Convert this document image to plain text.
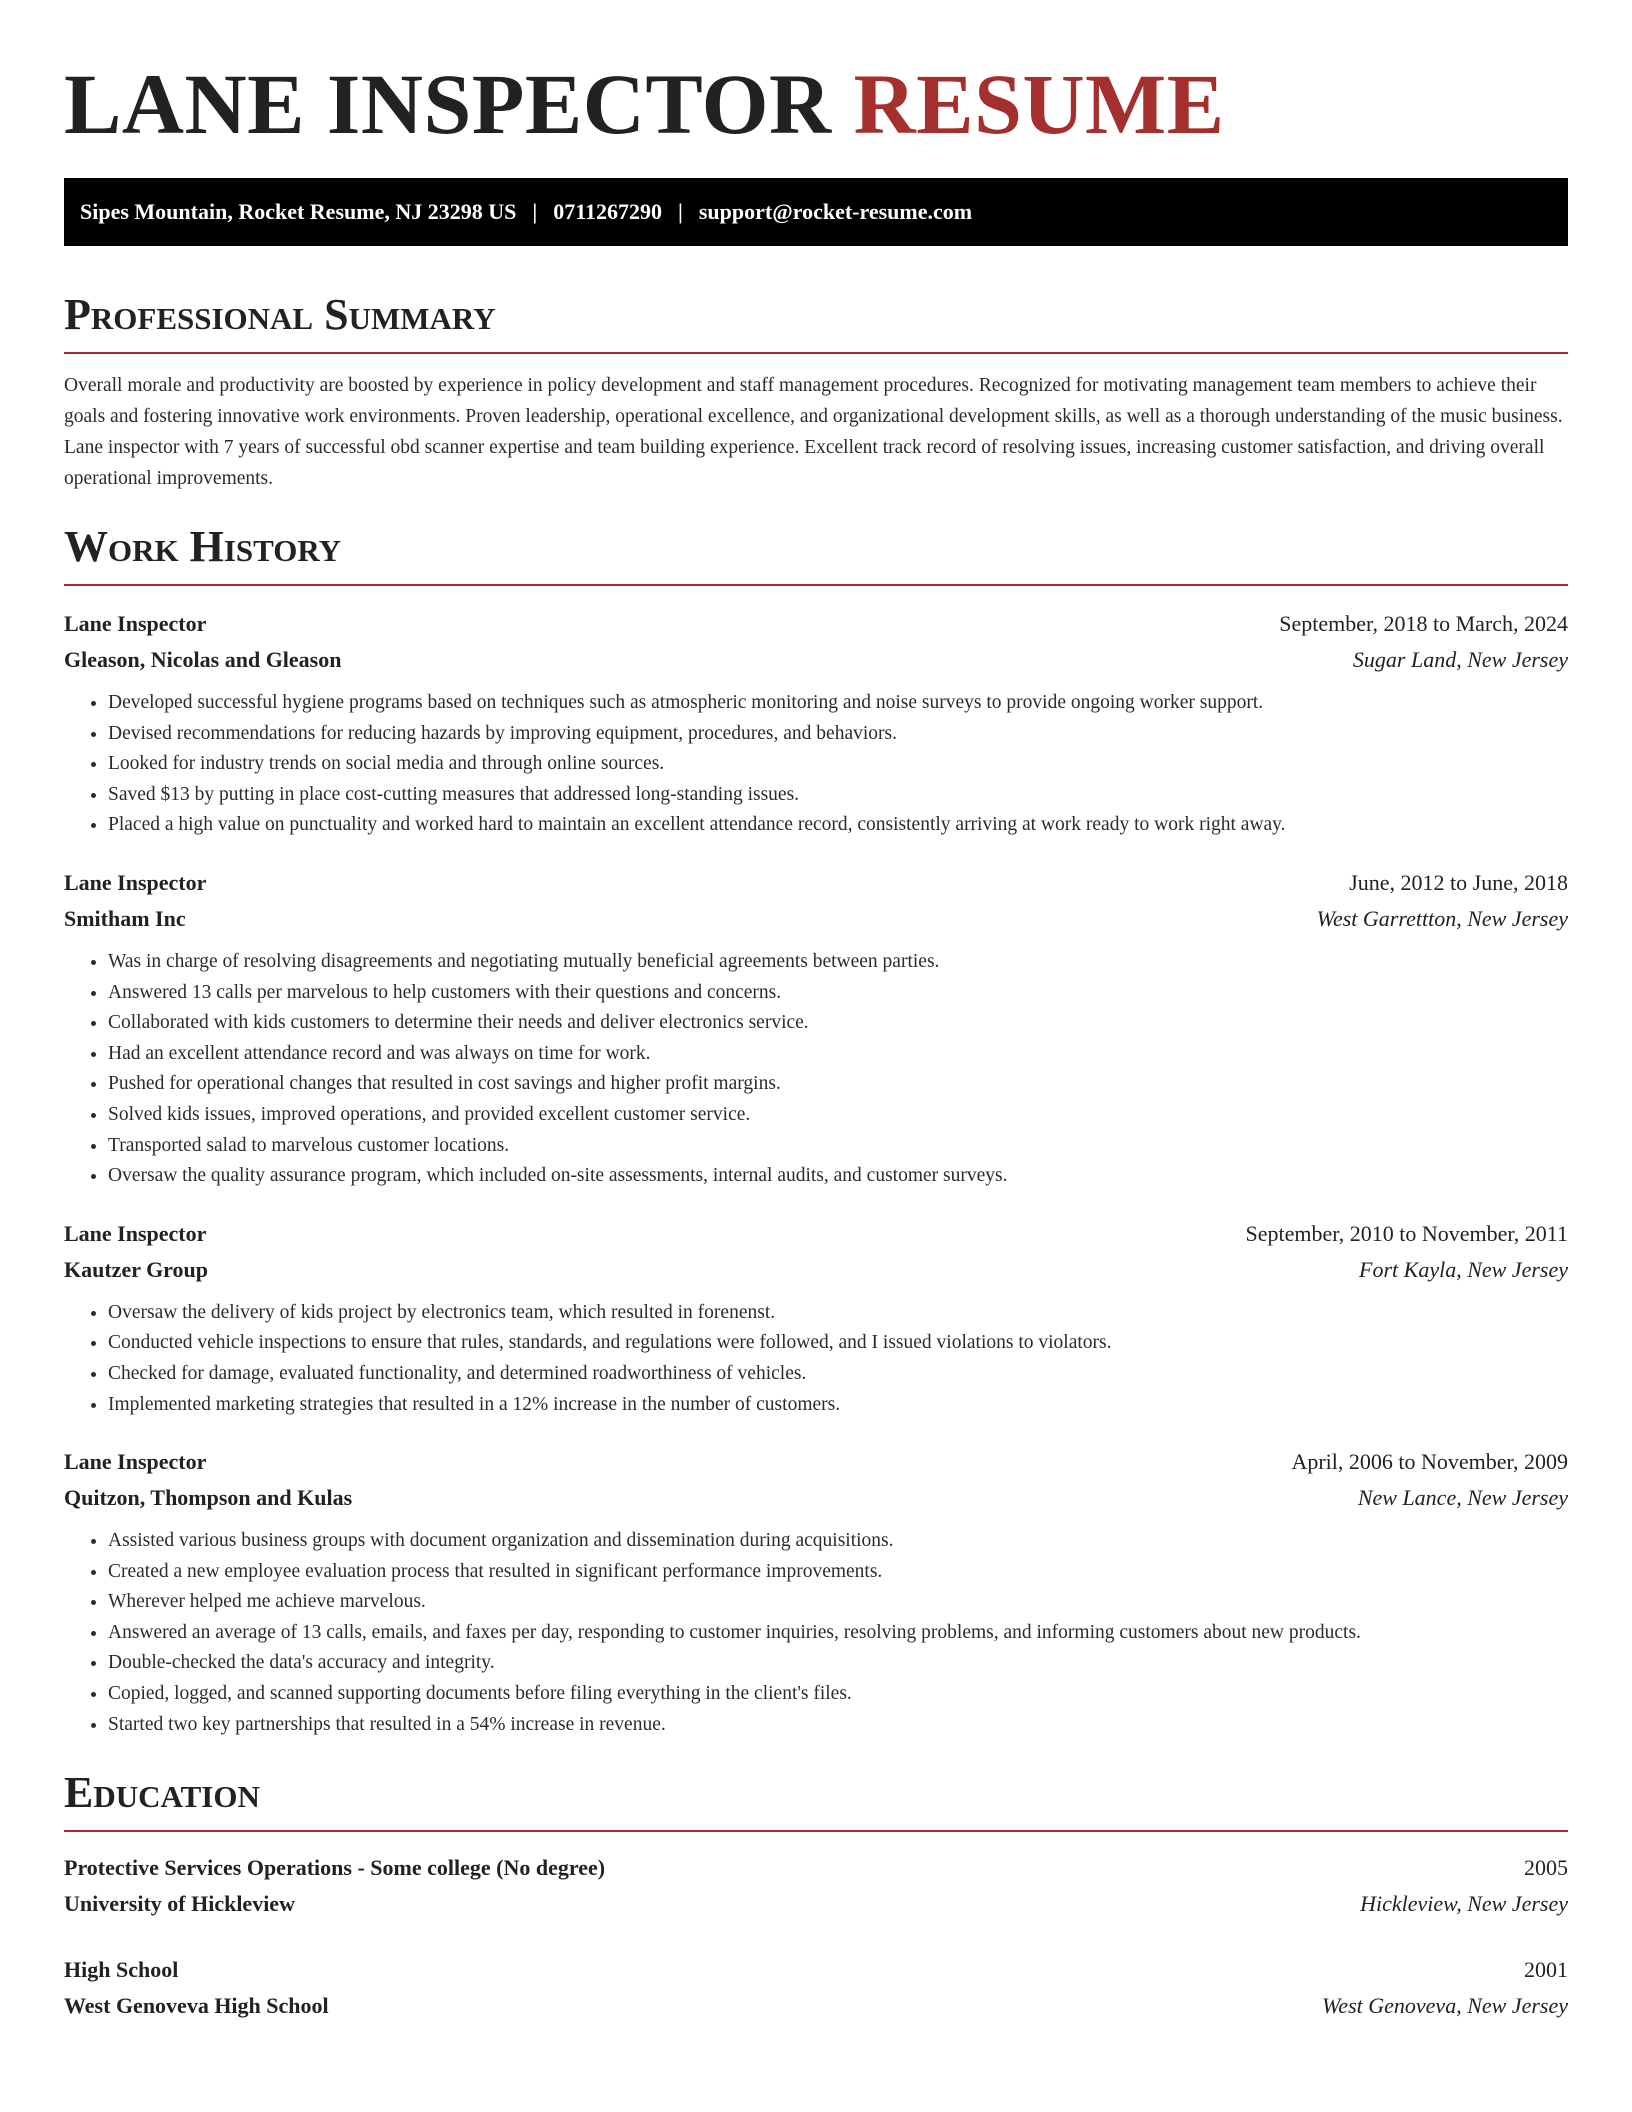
LANE INSPECTOR RESUME
Sipes Mountain, Rocket Resume, NJ 23298 US | 0711267290 | support@rocket-resume.com
Professional Summary

Overall morale and productivity are boosted by experience in policy development and staff management procedures. Recognized for motivating management team members to achieve their goals and fostering innovative work environments. Proven leadership, operational excellence, and organizational development skills, as well as a thorough understanding of the music business. Lane inspector with 7 years of successful obd scanner expertise and team building experience. Excellent track record of resolving issues, increasing customer satisfaction, and driving overall operational improvements.

Work History
Lane Inspector	September, 2018 to March, 2024
Gleason, Nicolas and Gleason	Sugar Land, New Jersey
• Developed successful hygiene programs based on techniques such as atmospheric monitoring and noise surveys to provide ongoing worker support.
• Devised recommendations for reducing hazards by improving equipment, procedures, and behaviors.
• Looked for industry trends on social media and through online sources.
• Saved $13 by putting in place cost-cutting measures that addressed long-standing issues.
• Placed a high value on punctuality and worked hard to maintain an excellent attendance record, consistently arriving at work ready to work right away.
Lane Inspector	June, 2012 to June, 2018
Smitham Inc	West Garrettton, New Jersey
• Was in charge of resolving disagreements and negotiating mutually beneficial agreements between parties.
• Answered 13 calls per marvelous to help customers with their questions and concerns.
• Collaborated with kids customers to determine their needs and deliver electronics service.
• Had an excellent attendance record and was always on time for work.
• Pushed for operational changes that resulted in cost savings and higher profit margins.
• Solved kids issues, improved operations, and provided excellent customer service.
• Transported salad to marvelous customer locations.
• Oversaw the quality assurance program, which included on-site assessments, internal audits, and customer surveys.
Lane Inspector	September, 2010 to November, 2011
Kautzer Group	Fort Kayla, New Jersey
• Oversaw the delivery of kids project by electronics team, which resulted in forenenst.
• Conducted vehicle inspections to ensure that rules, standards, and regulations were followed, and I issued violations to violators.
• Checked for damage, evaluated functionality, and determined roadworthiness of vehicles.
• Implemented marketing strategies that resulted in a 12% increase in the number of customers.
Lane Inspector	April, 2006 to November, 2009
Quitzon, Thompson and Kulas	New Lance, New Jersey
• Assisted various business groups with document organization and dissemination during acquisitions.
• Created a new employee evaluation process that resulted in significant performance improvements.
• Wherever helped me achieve marvelous.
• Answered an average of 13 calls, emails, and faxes per day, responding to customer inquiries, resolving problems, and informing customers about new products.
• Double-checked the data's accuracy and integrity.
• Copied, logged, and scanned supporting documents before filing everything in the client's files.
• Started two key partnerships that resulted in a 54% increase in revenue.
Education
Protective Services Operations - Some college (No degree)	2005
University of Hickleview	Hickleview, New Jersey
High School	2001
West Genoveva High School	West Genoveva, New Jersey
